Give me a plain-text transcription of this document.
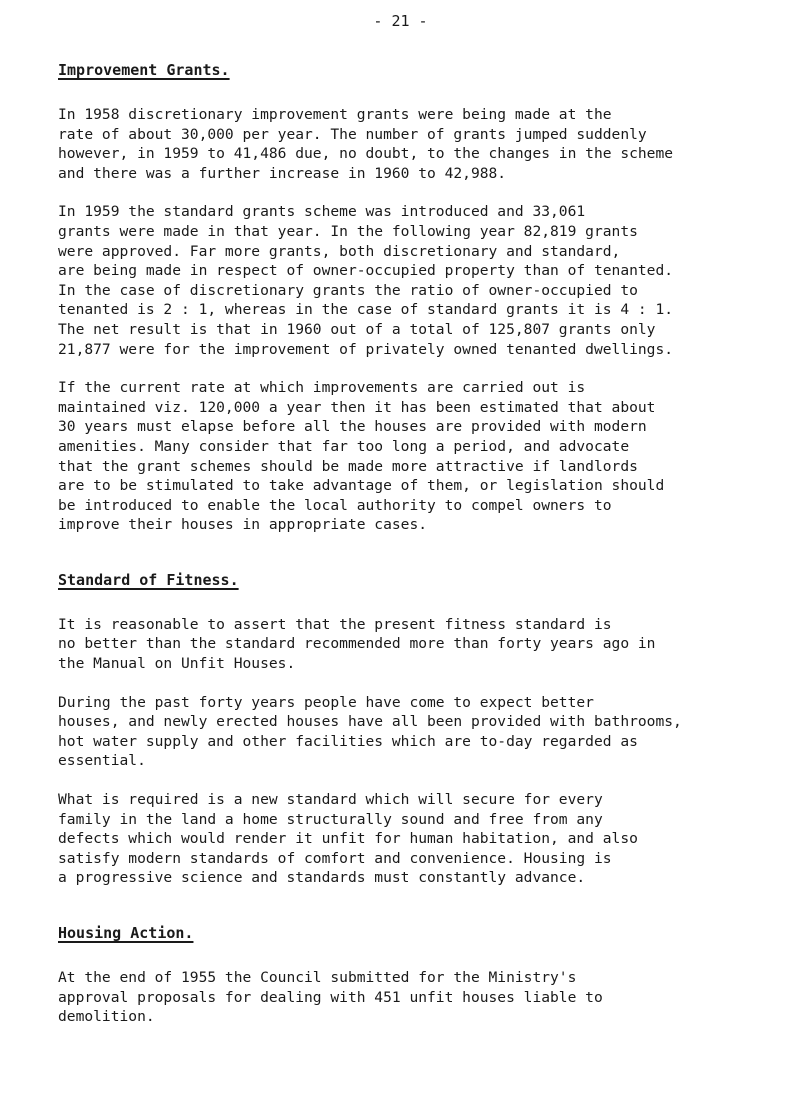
- 21 -
Improvement Grants.

In 1958 discretionary improvement grants were being made at the
rate of about 30,000 per year. The number of grants jumped suddenly
however, in 1959 to 41,486 due, no doubt, to the changes in the scheme
and there was a further increase in 1960 to 42,988.

In 1959 the standard grants scheme was introduced and 33,061
grants were made in that year. In the following year 82,819 grants
were approved. Far more grants, both discretionary and standard,
are being made in respect of owner-occupied property than of tenanted.
In the case of discretionary grants the ratio of owner-occupied to
tenanted is 2 : 1, whereas in the case of standard grants it is 4 : 1.
The net result is that in 1960 out of a total of 125,807 grants only
21,877 were for the improvement of privately owned tenanted dwellings.

If the current rate at which improvements are carried out is
maintained viz. 120,000 a year then it has been estimated that about
30 years must elapse before all the houses are provided with modern
amenities. Many consider that far too long a period, and advocate
that the grant schemes should be made more attractive if landlords
are to be stimulated to take advantage of them, or legislation should
be introduced to enable the local authority to compel owners to
improve their houses in appropriate cases.

Standard of Fitness.

It is reasonable to assert that the present fitness standard is
no better than the standard recommended more than forty years ago in
the Manual on Unfit Houses.

During the past forty years people have come to expect better
houses, and newly erected houses have all been provided with bathrooms,
hot water supply and other facilities which are to-day regarded as
essential.

What is required is a new standard which will secure for every
family in the land a home structurally sound and free from any
defects which would render it unfit for human habitation, and also
satisfy modern standards of comfort and convenience. Housing is
a progressive science and standards must constantly advance.

Housing Action.

At the end of 1955 the Council submitted for the Ministry's
approval proposals for dealing with 451 unfit houses liable to
demolition.
